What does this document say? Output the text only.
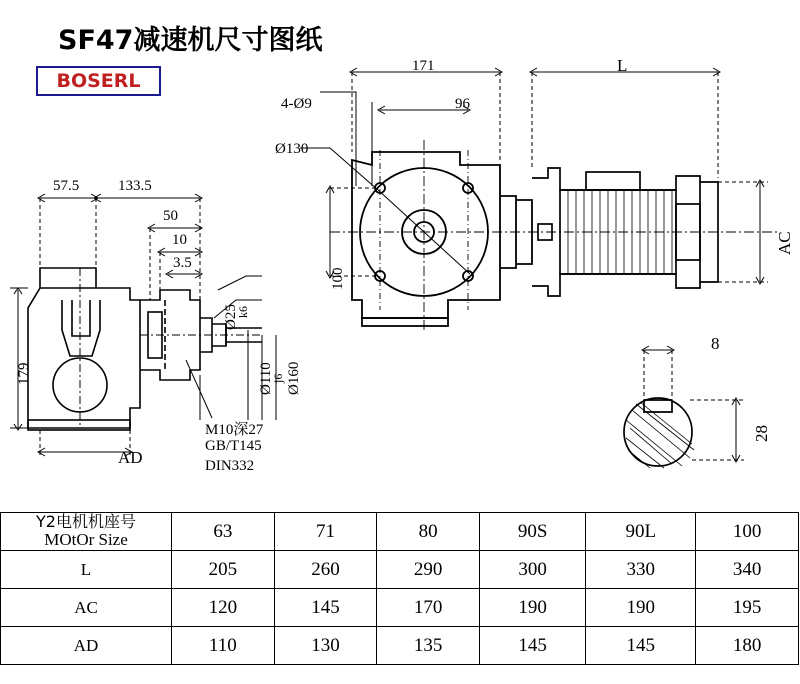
SF47减速机尺寸图纸
BOSERL
171	L
96
4-Ø9
Ø130
100
AC
57.5	133.5
50
10
3.5
179
AD
Ø25
k6
Ø110
j6 Ø160
M10深27
GB/T145
DIN332
8
28
Y2电机机座号
MOtOr Size	63	71	80	90S	90L	100
L	205	260	290	300	330	340
AC	120	145	170	190	190	195
AD	110	130	135	145	145	180
